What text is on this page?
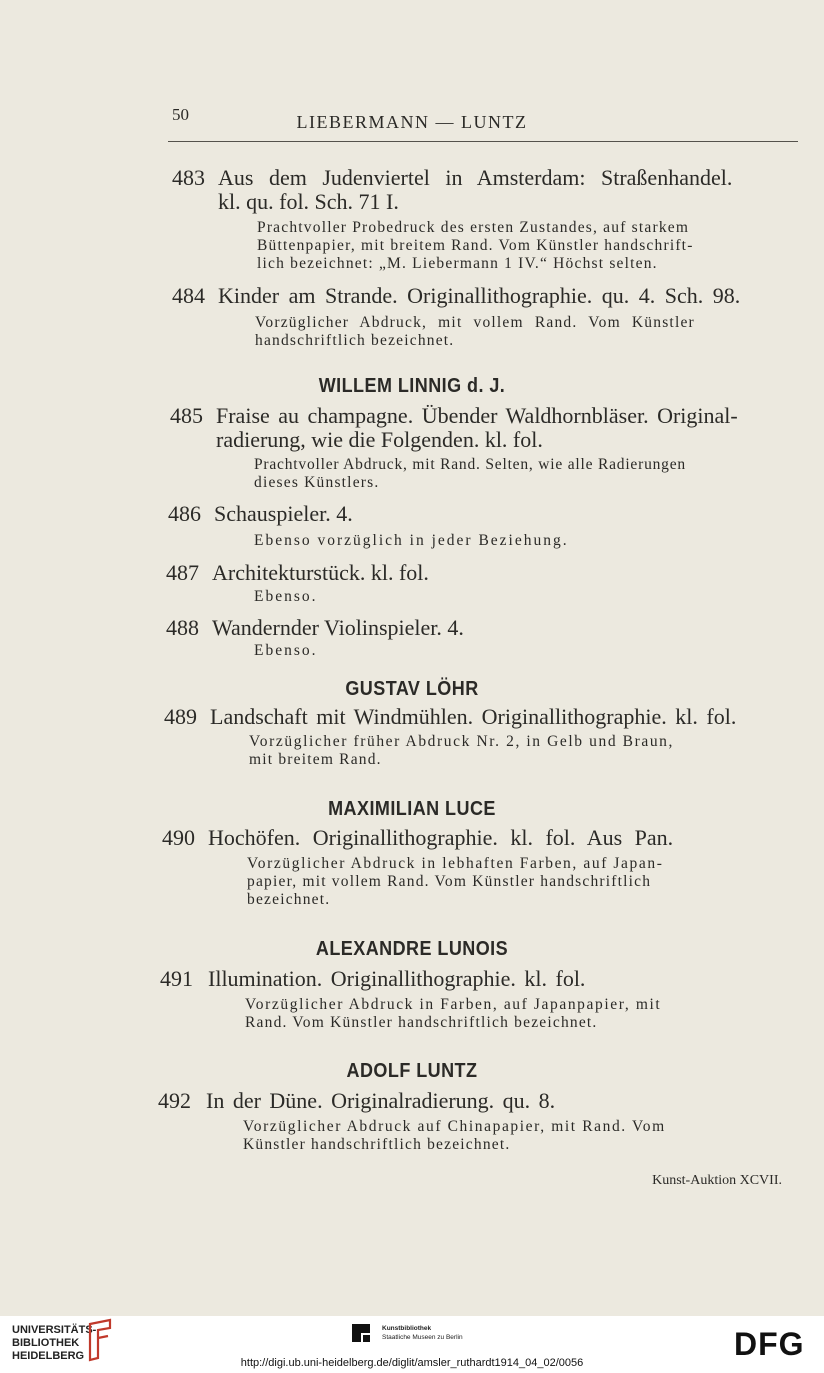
50	LIEBERMANN — LUNTZ
483 Aus dem Judenviertel in Amsterdam: Straßenhandel.
kl. qu. fol. Sch. 71 I.
Prachtvoller Probedruck des ersten Zustandes, auf starkem
Büttenpapier, mit breitem Rand. Vom Künstler handschrift-
lich bezeichnet: „M. Liebermann 1 IV.“ Höchst selten.
484 Kinder am Strande. Originallithographie. qu. 4. Sch. 98.
Vorzüglicher Abdruck, mit vollem Rand. Vom Künstler
handschriftlich bezeichnet.
WILLEM LINNIG d. J.
485 Fraise au champagne. Übender Waldhornbläser. Original-
radierung, wie die Folgenden. kl. fol.
Prachtvoller Abdruck, mit Rand. Selten, wie alle Radierungen
dieses Künstlers.
486 Schauspieler. 4.
Ebenso vorzüglich in jeder Beziehung.
487 Architekturstück. kl. fol.
Ebenso.
488 Wandernder Violinspieler. 4.
Ebenso.
GUSTAV LÖHR
489 Landschaft mit Windmühlen. Originallithographie. kl. fol.
Vorzüglicher früher Abdruck Nr. 2, in Gelb und Braun,
mit breitem Rand.
MAXIMILIAN LUCE
490 Hochöfen. Originallithographie. kl. fol. Aus Pan.
Vorzüglicher Abdruck in lebhaften Farben, auf Japan-
papier, mit vollem Rand. Vom Künstler handschriftlich
bezeichnet.
ALEXANDRE LUNOIS
491 Illumination. Originallithographie. kl. fol.
Vorzüglicher Abdruck in Farben, auf Japanpapier, mit
Rand. Vom Künstler handschriftlich bezeichnet.
ADOLF LUNTZ
492 In der Düne. Originalradierung. qu. 8.
Vorzüglicher Abdruck auf Chinapapier, mit Rand. Vom
Künstler handschriftlich bezeichnet.
Kunst-Auktion XCVII.
UNIVERSITÄTS-
BIBLIOTHEK
HEIDELBERG
Kunstbibliothek
Staatliche Museen zu Berlin	DFG
http://digi.ub.uni-heidelberg.de/diglit/amsler_ruthardt1914_04_02/0056
